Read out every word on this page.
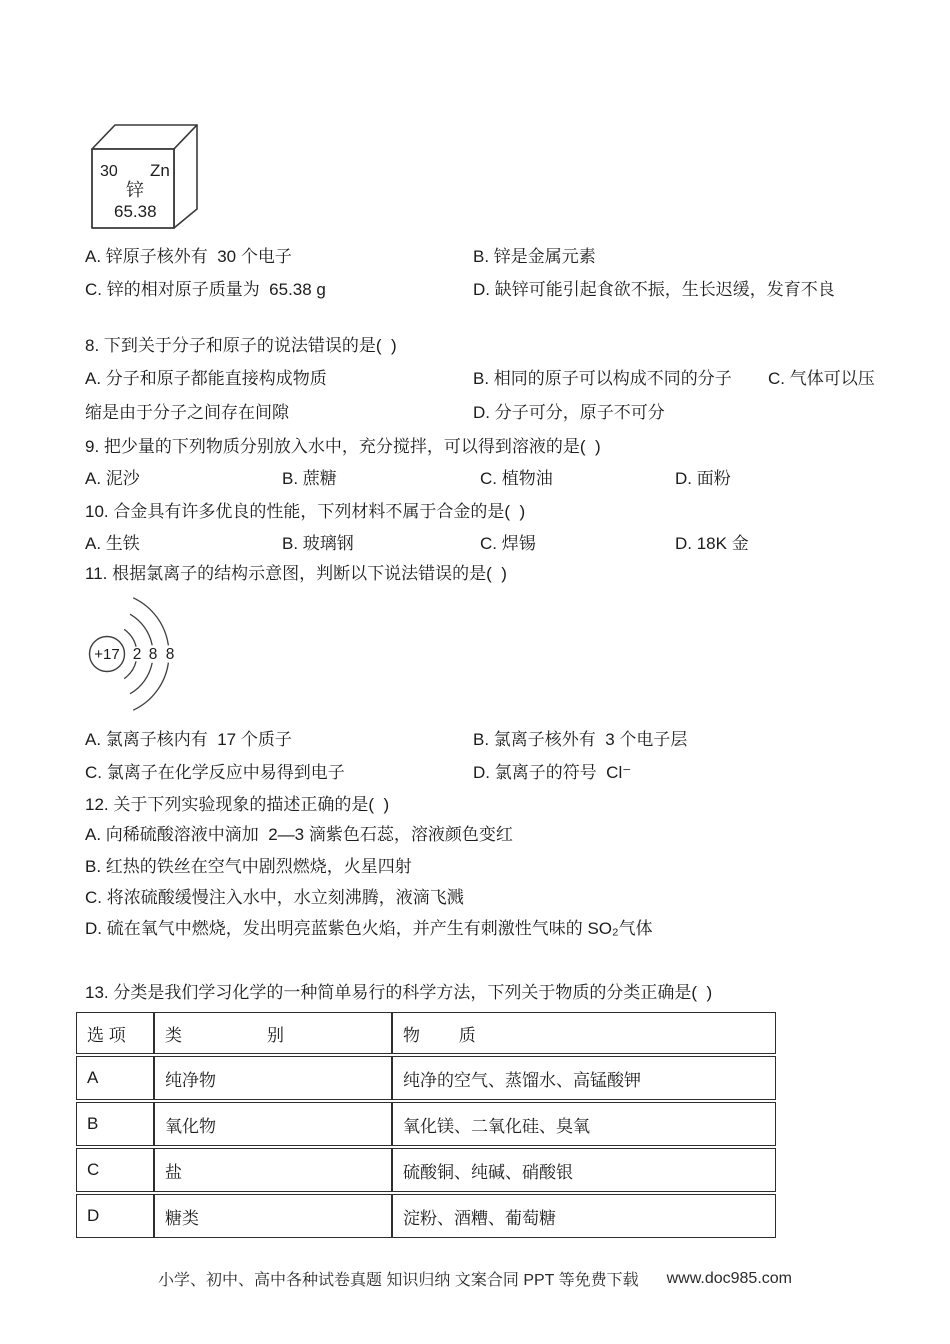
30 Zn
锌
65.38
A. 锌原子核外有  30 个电子	B. 锌是金属元素
C. 锌的相对原子质量为  65.38 g	D. 缺锌可能引起食欲不振，生长迟缓，发育不良
8. 下到关于分子和原子的说法错误的是(  )
A. 分子和原子都能直接构成物质	B. 相同的原子可以构成不同的分子 C. 气体可以压
缩是由于分子之间存在间隙	D. 分子可分，原子不可分
9. 把少量的下列物质分别放入水中，充分搅拌，可以得到溶液的是(  )
A. 泥沙	B. 蔗糖	C. 植物油	D. 面粉
10. 合金具有许多优良的性能，下列材料不属于合金的是(  )
A. 生铁	B. 玻璃钢	C. 焊锡	D. 18K 金
11. 根据氯离子的结构示意图，判断以下说法错误的是(  )
+17 2 8 8
A. 氯离子核内有  17 个质子	B. 氯离子核外有  3 个电子层
C. 氯离子在化学反应中易得到电子	D. 氯离子的符号  Cl⁻
12. 关于下列实验现象的描述正确的是(  )
A. 向稀硫酸溶液中滴加  2—3 滴紫色石蕊，溶液颜色变红
B. 红热的铁丝在空气中剧烈燃烧，火星四射
C. 将浓硫酸缓慢注入水中，水立刻沸腾，液滴飞溅
D. 硫在氧气中燃烧，发出明亮蓝紫色火焰，并产生有刺激性气味的 SO₂气体
13. 分类是我们学习化学的一种简单易行的科学方法，下列关于物质的分类正确是(  )
选 项	类　　　　　别	物　　 质
A	纯净物	纯净的空气、蒸馏水、高锰酸钾
B	氧化物	氧化镁、二氧化硅、臭氧
C	盐	硫酸铜、纯碱、硝酸银
D	糖类	淀粉、酒糟、葡萄糖
小学、初中、高中各种试卷真题 知识归纳 文案合同 PPT 等免费下载 www.doc985.com
